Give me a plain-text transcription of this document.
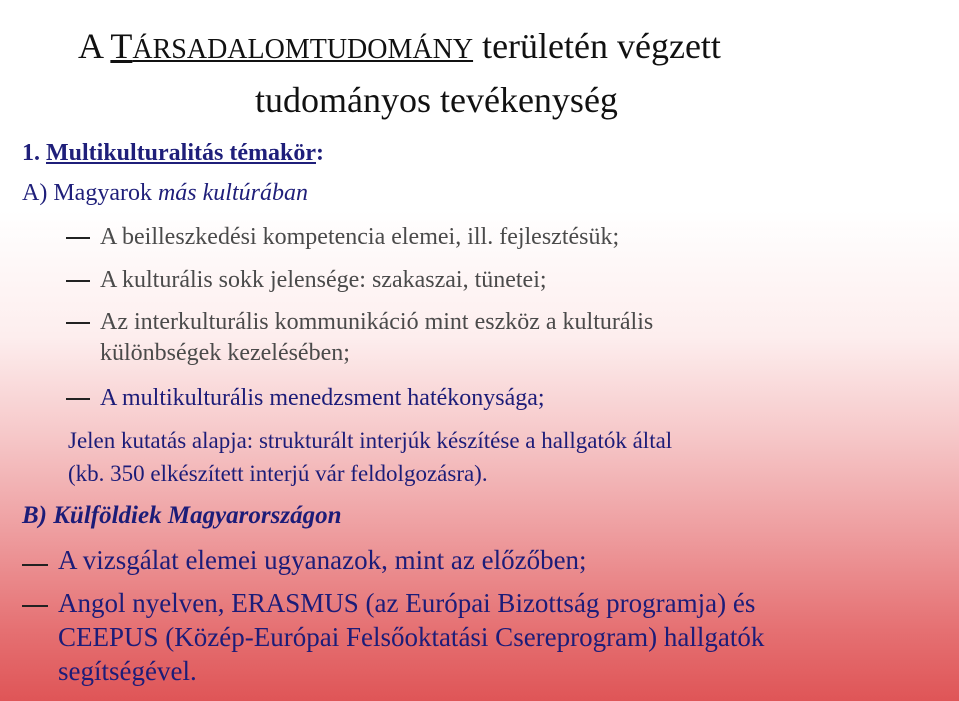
A TÁRSADALOMTUDOMÁNY területén végzett
tudományos tevékenység
1. Multikulturalitás témakör:
A) Magyarok más kultúrában
A beilleszkedési kompetencia elemei, ill. fejlesztésük;
A kulturális sokk jelensége: szakaszai, tünetei;
Az interkulturális kommunikáció mint eszköz a kulturális
különbségek kezelésében;
A multikulturális menedzsment hatékonysága;
Jelen kutatás alapja: strukturált interjúk készítése a hallgatók által
(kb. 350 elkészített interjú vár feldolgozásra).
B) Külföldiek Magyarországon
A vizsgálat elemei ugyanazok, mint az előzőben;
Angol nyelven, ERASMUS (az Európai Bizottság programja) és
CEEPUS (Közép-Európai Felsőoktatási Csereprogram) hallgatók
segítségével.
